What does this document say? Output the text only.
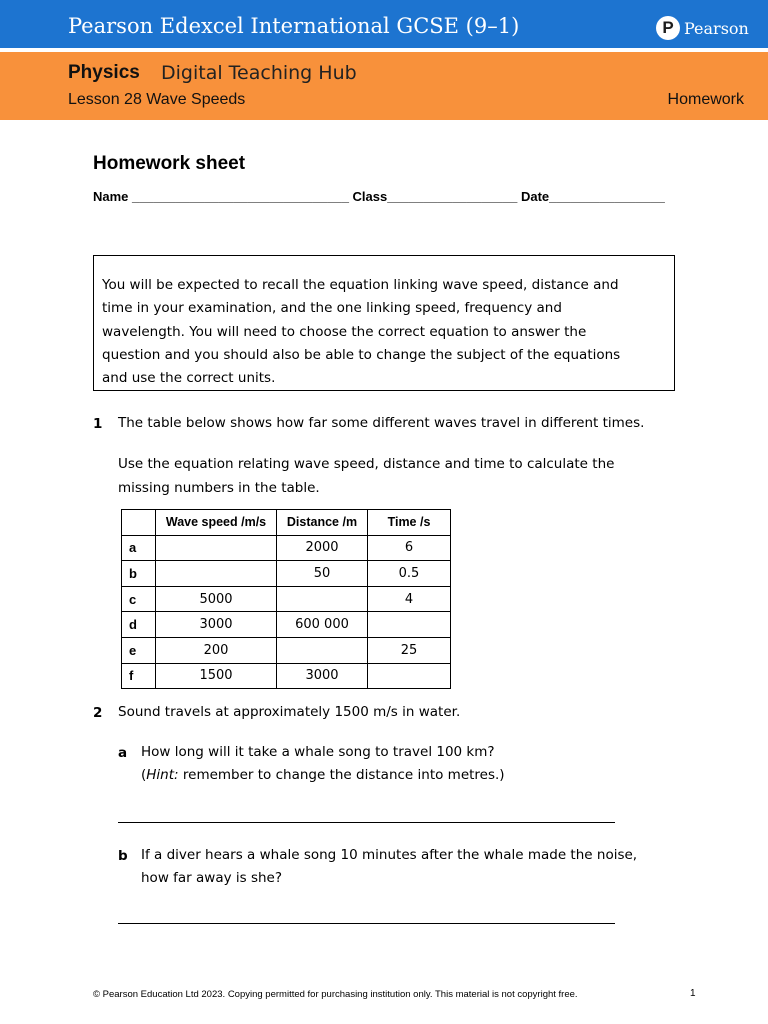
Pearson Edexcel International GCSE (9–1)	P Pearson
Physics Digital Teaching Hub
Lesson 28 Wave Speeds	Homework
Homework sheet
Name ______________________________ Class__________________ Date________________
You will be expected to recall the equation linking wave speed, distance and
time in your examination, and the one linking speed, frequency and
wavelength. You will need to choose the correct equation to answer the
question and you should also be able to change the subject of the equations
and use the correct units.
1 The table below shows how far some different waves travel in different times.
Use the equation relating wave speed, distance and time to calculate the
missing numbers in the table.
	Wave speed /m/s	Distance /m	Time /s
a		2000	6
b		50	0.5
c	5000		4
d	3000	600 000	
e	200		25
f	1500	3000	
2 Sound travels at approximately 1500 m/s in water.
a How long will it take a whale song to travel 100 km?
(Hint: remember to change the distance into metres.)
b If a diver hears a whale song 10 minutes after the whale made the noise,
how far away is she?
© Pearson Education Ltd 2023. Copying permitted for purchasing institution only. This material is not copyright free.	1
